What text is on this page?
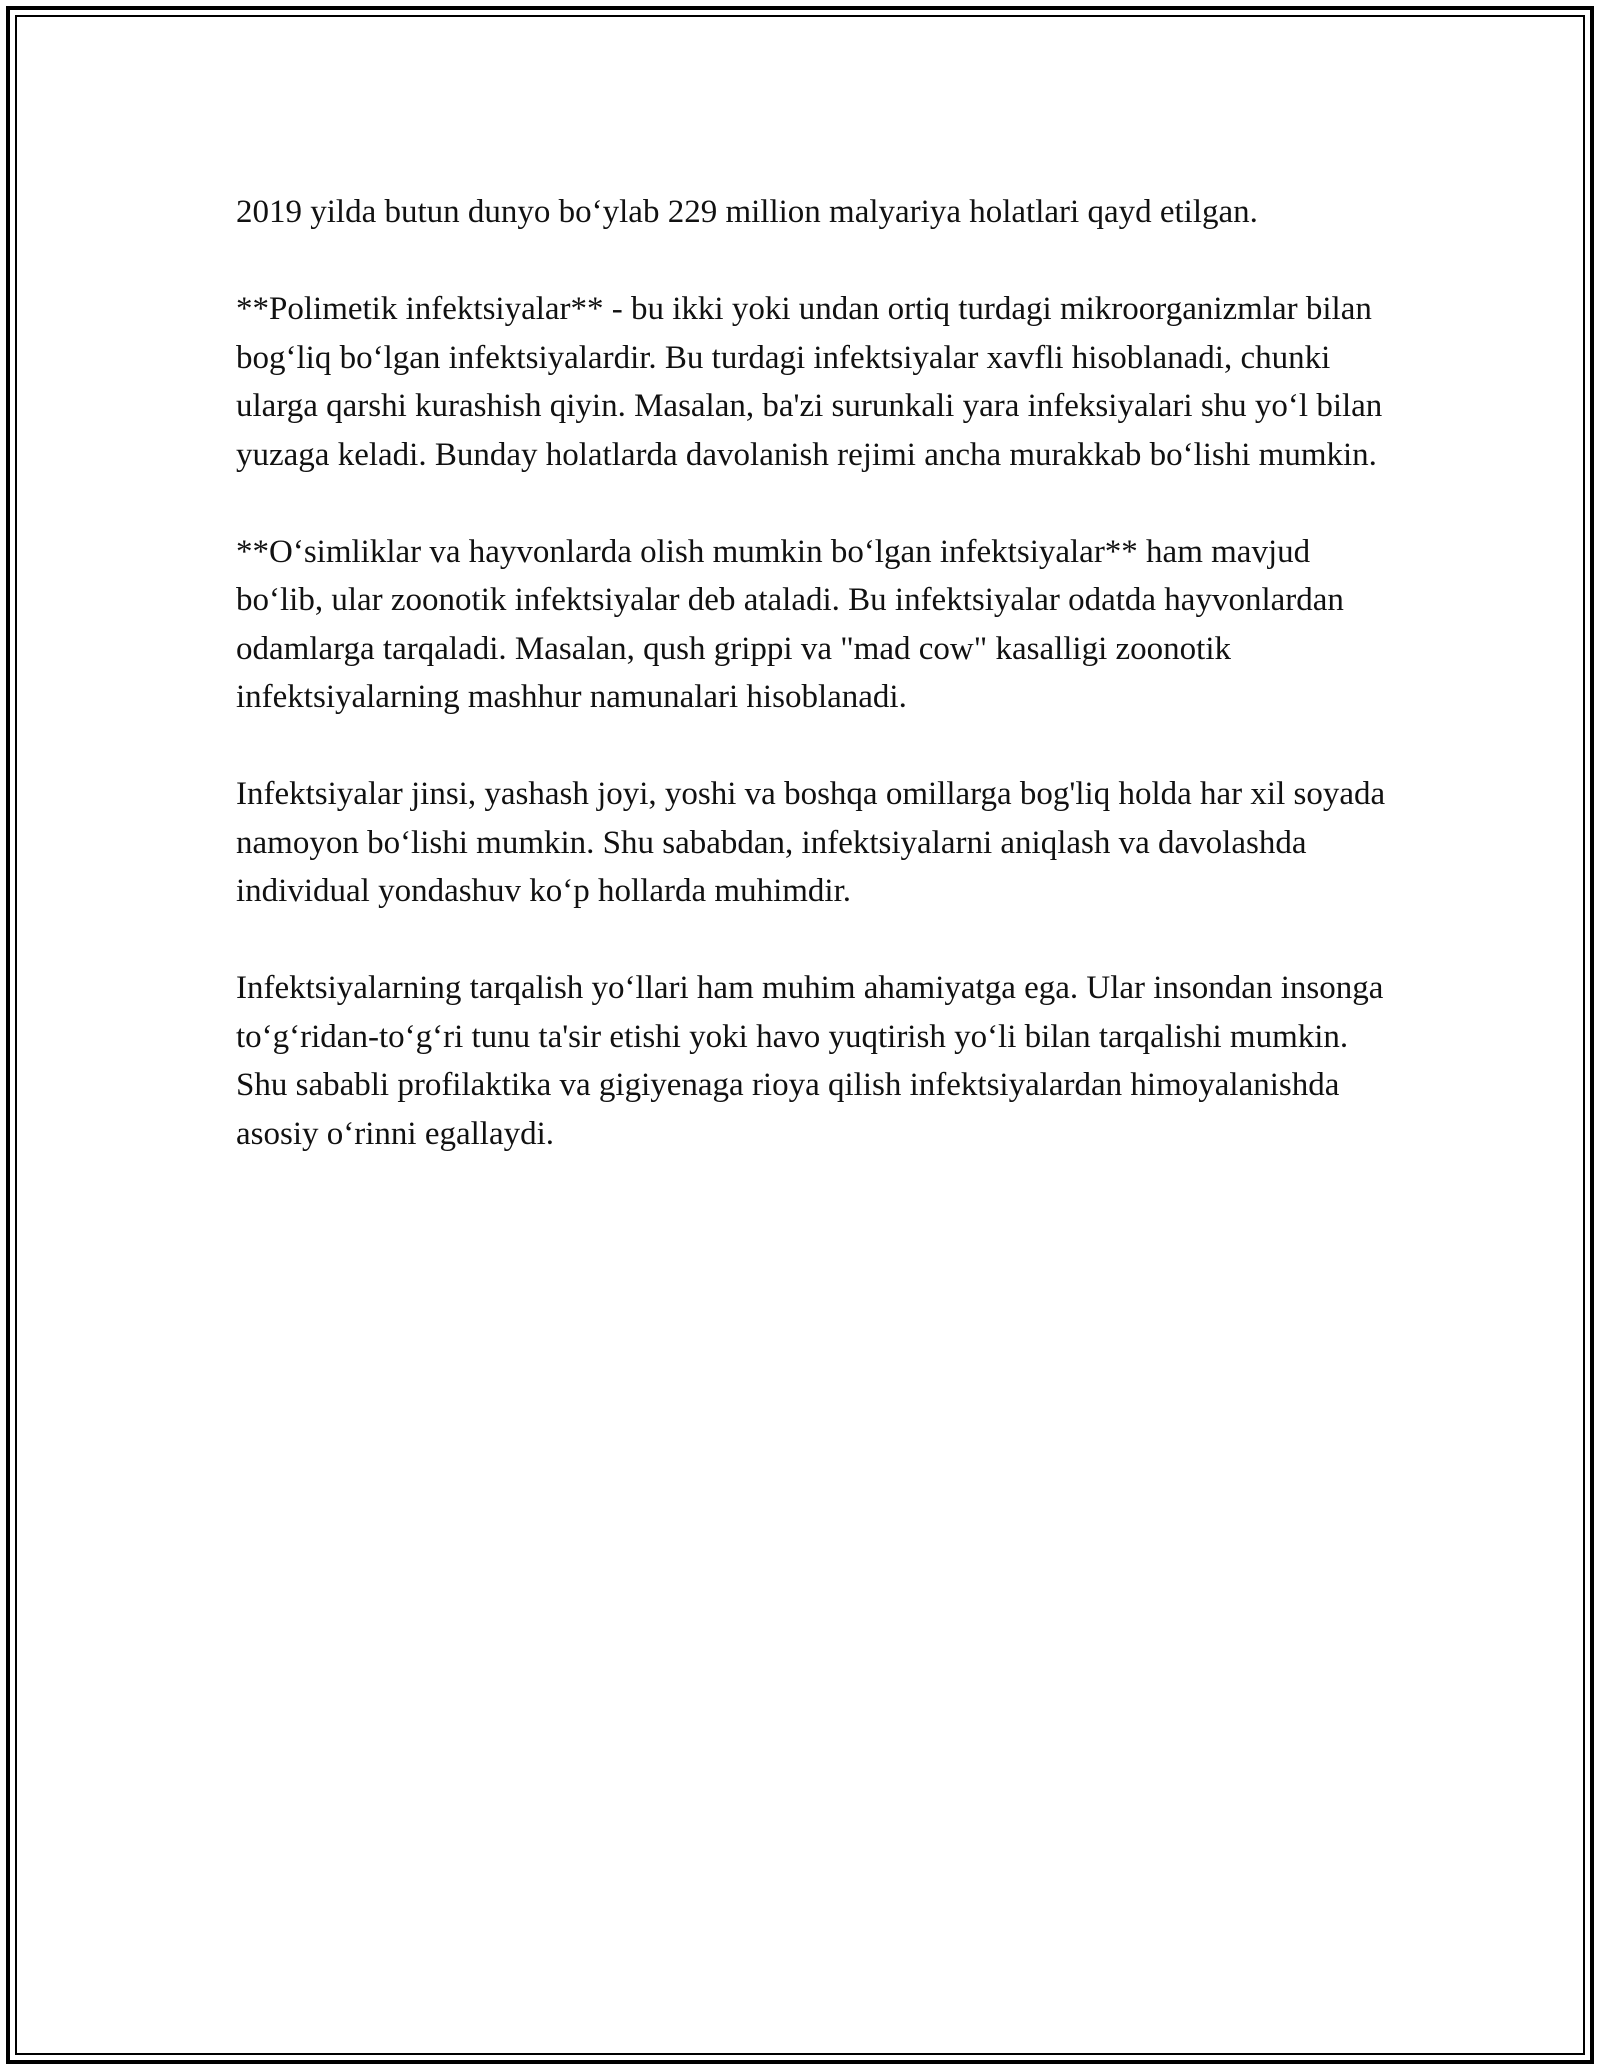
2019 yilda butun dunyo bo‘ylab 229 million malyariya holatlari qayd etilgan.

**Polimetik infektsiyalar** - bu ikki yoki undan ortiq turdagi mikroorganizmlar bilan bog‘liq bo‘lgan infektsiyalardir. Bu turdagi infektsiyalar xavfli hisoblanadi, chunki ularga qarshi kurashish qiyin. Masalan, ba'zi surunkali yara infeksiyalari shu yo‘l bilan yuzaga keladi. Bunday holatlarda davolanish rejimi ancha murakkab bo‘lishi mumkin.

**O‘simliklar va hayvonlarda olish mumkin bo‘lgan infektsiyalar** ham mavjud bo‘lib, ular zoonotik infektsiyalar deb ataladi. Bu infektsiyalar odatda hayvonlardan odamlarga tarqaladi. Masalan, qush grippi va "mad cow" kasalligi zoonotik infektsiyalarning mashhur namunalari hisoblanadi.

Infektsiyalar jinsi, yashash joyi, yoshi va boshqa omillarga bog'liq holda har xil soyada namoyon bo‘lishi mumkin. Shu sababdan, infektsiyalarni aniqlash va davolashda individual yondashuv ko‘p hollarda muhimdir.

Infektsiyalarning tarqalish yo‘llari ham muhim ahamiyatga ega. Ular insondan insonga to‘g‘ridan-to‘g‘ri tunu ta'sir etishi yoki havo yuqtirish yo‘li bilan tarqalishi mumkin. Shu sababli profilaktika va gigiyenaga rioya qilish infektsiyalardan himoyalanishda asosiy o‘rinni egallaydi.
